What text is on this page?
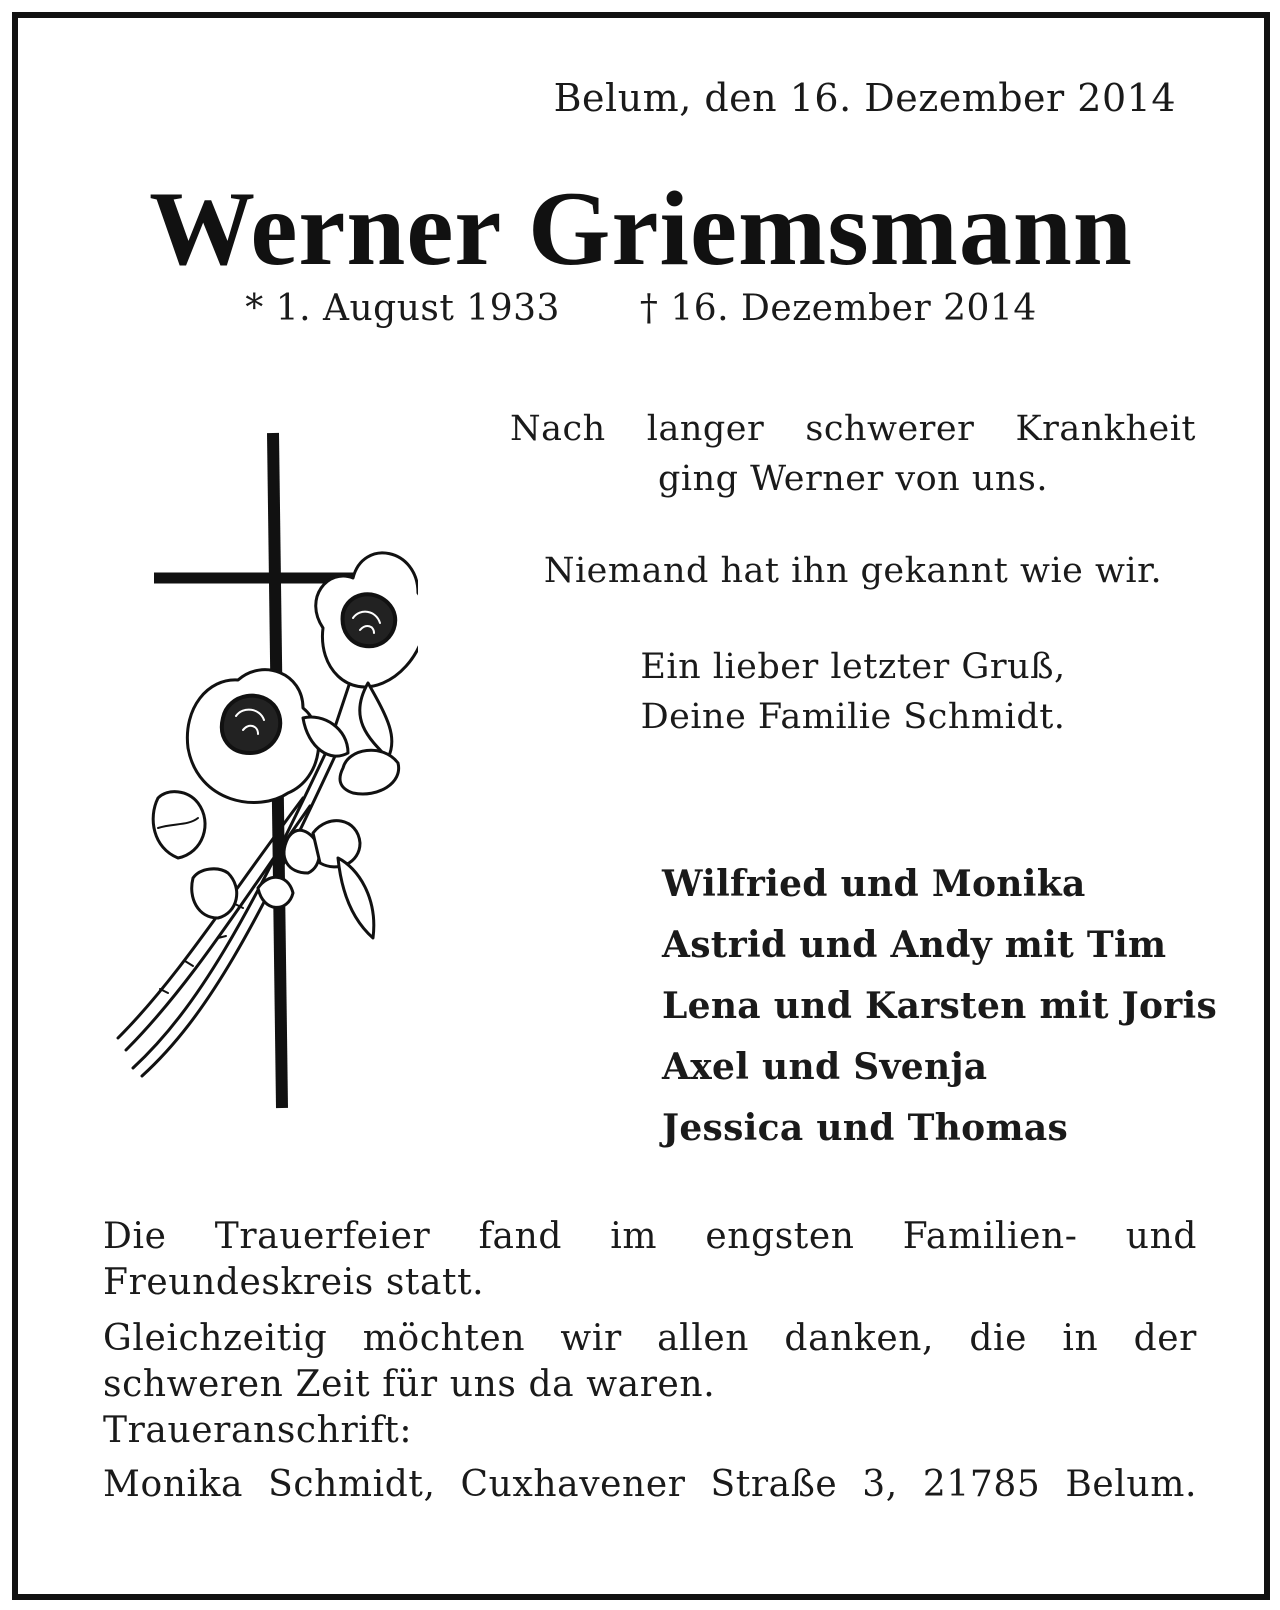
Belum, den 16. Dezember 2014

Werner Griemsmann
* 1. August 1933 † 16. Dezember 2014
Nach langer schwerer Krankheit
ging Werner von uns.
Niemand hat ihn gekannt wie wir.
Ein lieber letzter Gruß,
Deine Familie Schmidt.
Wilfried und Monika
Astrid und Andy mit Tim
Lena und Karsten mit Joris
Axel und Svenja
Jessica und Thomas

Die Trauerfeier fand im engsten Familien- und Freundeskreis statt.

Gleichzeitig möchten wir allen danken, die in der schweren Zeit für uns da waren.

Traueranschrift:

Monika Schmidt, Cuxhavener Straße 3, 21785 Belum.
